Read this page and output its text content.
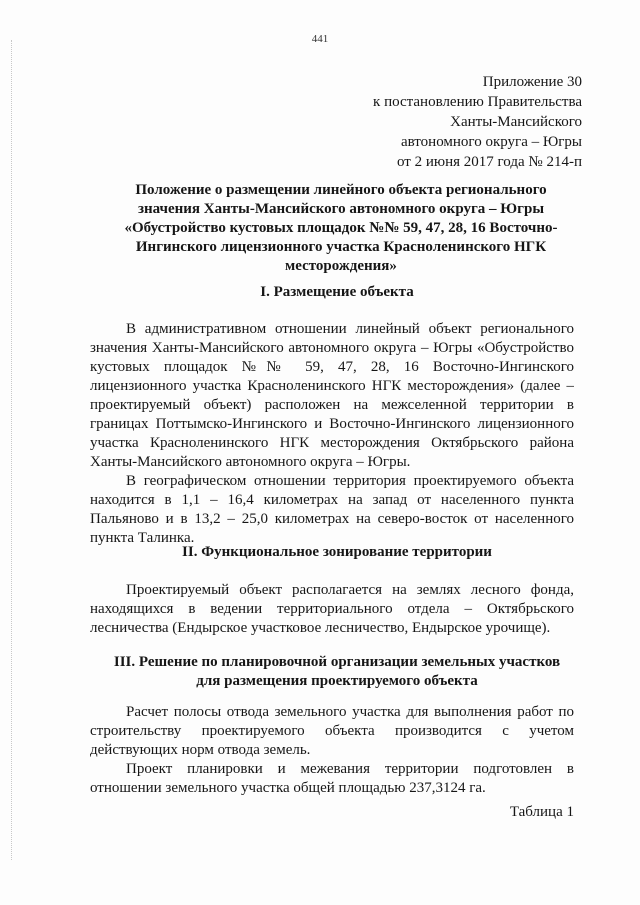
441
Приложение 30
к постановлению Правительства
Ханты-Мансийского
автономного округа – Югры
от 2 июня 2017 года № 214-п
Положение о размещении линейного объекта регионального
значения Ханты-Мансийского автономного округа – Югры
«Обустройство кустовых площадок №№ 59, 47, 28, 16 Восточно-
Ингинского лицензионного участка Красноленинского НГК
месторождения»
I. Размещение объекта
В административном отношении линейный объект регионального
значения Ханты-Мансийского автономного округа – Югры «Обустройство
кустовых площадок №№ 59, 47, 28, 16 Восточно-Ингинского
лицензионного участка Красноленинского НГК месторождения» (далее –
проектируемый объект) расположен на межселенной территории в
границах Поттымско-Ингинского и Восточно-Ингинского лицензионного
участка Красноленинского НГК месторождения Октябрьского района
Ханты-Мансийского автономного округа – Югры.
В географическом отношении территория проектируемого объекта
находится в 1,1 – 16,4 километрах на запад от населенного пункта
Пальяново и в 13,2 – 25,0 километрах на северо-восток от населенного
пункта Талинка.
II. Функциональное зонирование территории
Проектируемый объект располагается на землях лесного фонда,
находящихся в ведении территориального отдела – Октябрьского
лесничества (Ендырское участковое лесничество, Ендырское урочище).
III. Решение по планировочной организации земельных участков
для размещения проектируемого объекта
Расчет полосы отвода земельного участка для выполнения работ по
строительству проектируемого объекта производится с учетом
действующих норм отвода земель.
Проект планировки и межевания территории подготовлен в
отношении земельного участка общей площадью 237,3124 га.
Таблица 1
